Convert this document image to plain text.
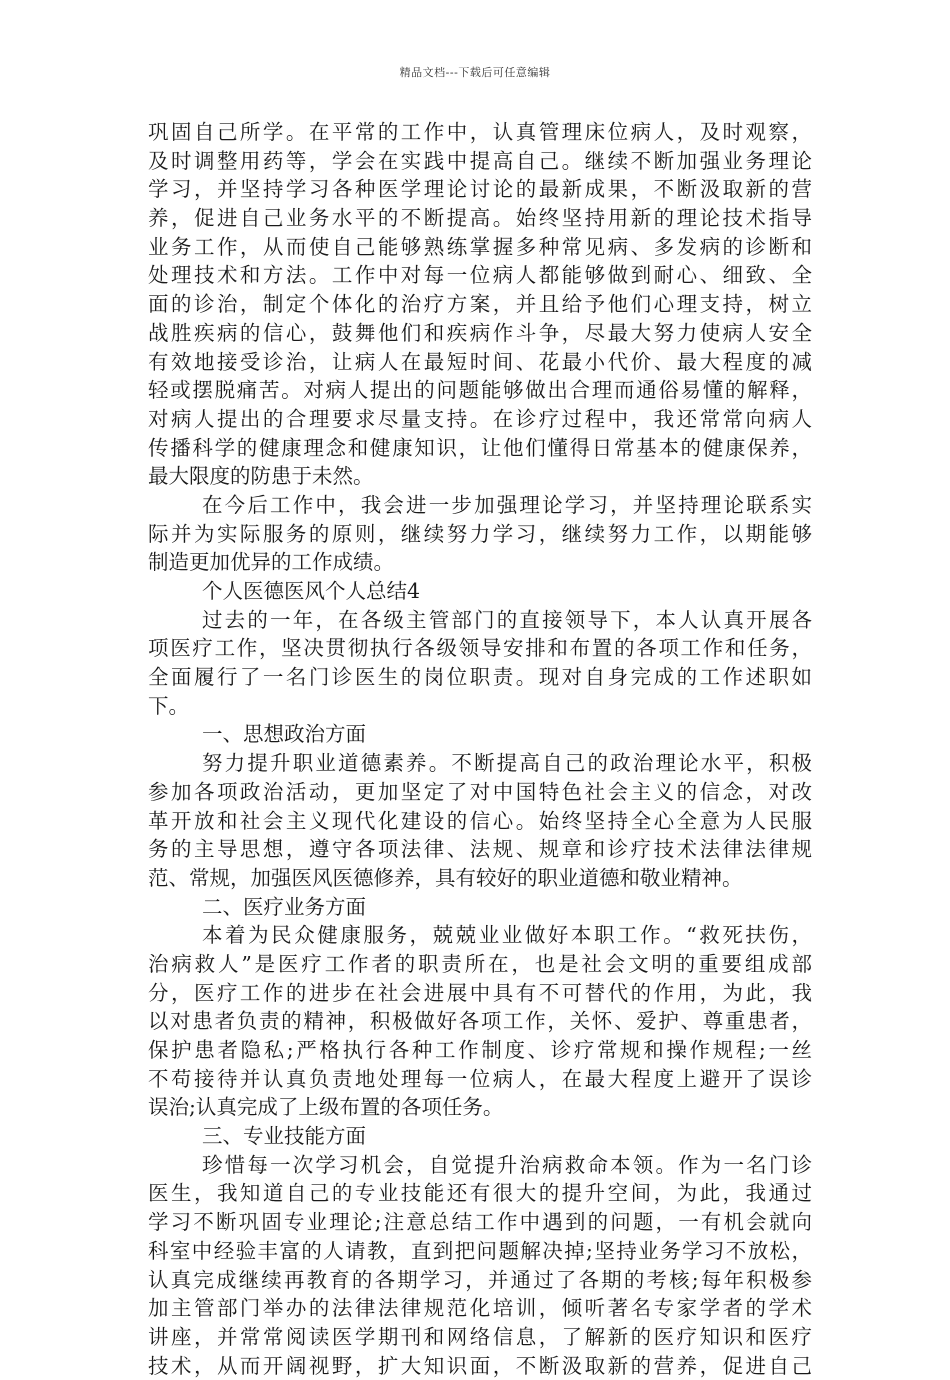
精品文档---下载后可任意编辑
巩固自己所学。在平常的工作中，认真管理床位病人，及时观察，
及时调整用药等，学会在实践中提高自己。继续不断加强业务理论
学习，并坚持学习各种医学理论讨论的最新成果，不断汲取新的营
养，促进自己业务水平的不断提高。始终坚持用新的理论技术指导
业务工作，从而使自己能够熟练掌握多种常见病、多发病的诊断和
处理技术和方法。工作中对每一位病人都能够做到耐心、细致、全
面的诊治，制定个体化的治疗方案，并且给予他们心理支持，树立
战胜疾病的信心，鼓舞他们和疾病作斗争，尽最大努力使病人安全
有效地接受诊治，让病人在最短时间、花最小代价、最大程度的减
轻或摆脱痛苦。对病人提出的问题能够做出合理而通俗易懂的解释，
对病人提出的合理要求尽量支持。在诊疗过程中，我还常常向病人
传播科学的健康理念和健康知识，让他们懂得日常基本的健康保养，
最大限度的防患于未然。
在今后工作中，我会进一步加强理论学习，并坚持理论联系实
际并为实际服务的原则，继续努力学习，继续努力工作，以期能够
制造更加优异的工作成绩。
个人医德医风个人总结4
过去的一年，在各级主管部门的直接领导下，本人认真开展各
项医疗工作，坚决贯彻执行各级领导安排和布置的各项工作和任务，
全面履行了一名门诊医生的岗位职责。现对自身完成的工作述职如
下。
一、思想政治方面
努力提升职业道德素养。不断提高自己的政治理论水平，积极
参加各项政治活动，更加坚定了对中国特色社会主义的信念，对改
革开放和社会主义现代化建设的信心。始终坚持全心全意为人民服
务的主导思想，遵守各项法律、法规、规章和诊疗技术法律法律规
范、常规，加强医风医德修养，具有较好的职业道德和敬业精神。
二、医疗业务方面
本着为民众健康服务，兢兢业业做好本职工作。“救死扶伤，
治病救人”是医疗工作者的职责所在，也是社会文明的重要组成部
分，医疗工作的进步在社会进展中具有不可替代的作用，为此，我
以对患者负责的精神，积极做好各项工作，关怀、爱护、尊重患者，
保护患者隐私;严格执行各种工作制度、诊疗常规和操作规程;一丝
不苟接待并认真负责地处理每一位病人，在最大程度上避开了误诊
误治;认真完成了上级布置的各项任务。
三、专业技能方面
珍惜每一次学习机会，自觉提升治病救命本领。作为一名门诊
医生，我知道自己的专业技能还有很大的提升空间，为此，我通过
学习不断巩固专业理论;注意总结工作中遇到的问题，一有机会就向
科室中经验丰富的人请教，直到把问题解决掉;坚持业务学习不放松，
认真完成继续再教育的各期学习，并通过了各期的考核;每年积极参
加主管部门举办的法律法律规范化培训，倾听著名专家学者的学术
讲座，并常常阅读医学期刊和网络信息，了解新的医疗知识和医疗
技术，从而开阔视野，扩大知识面，不断汲取新的营养，促进自己
